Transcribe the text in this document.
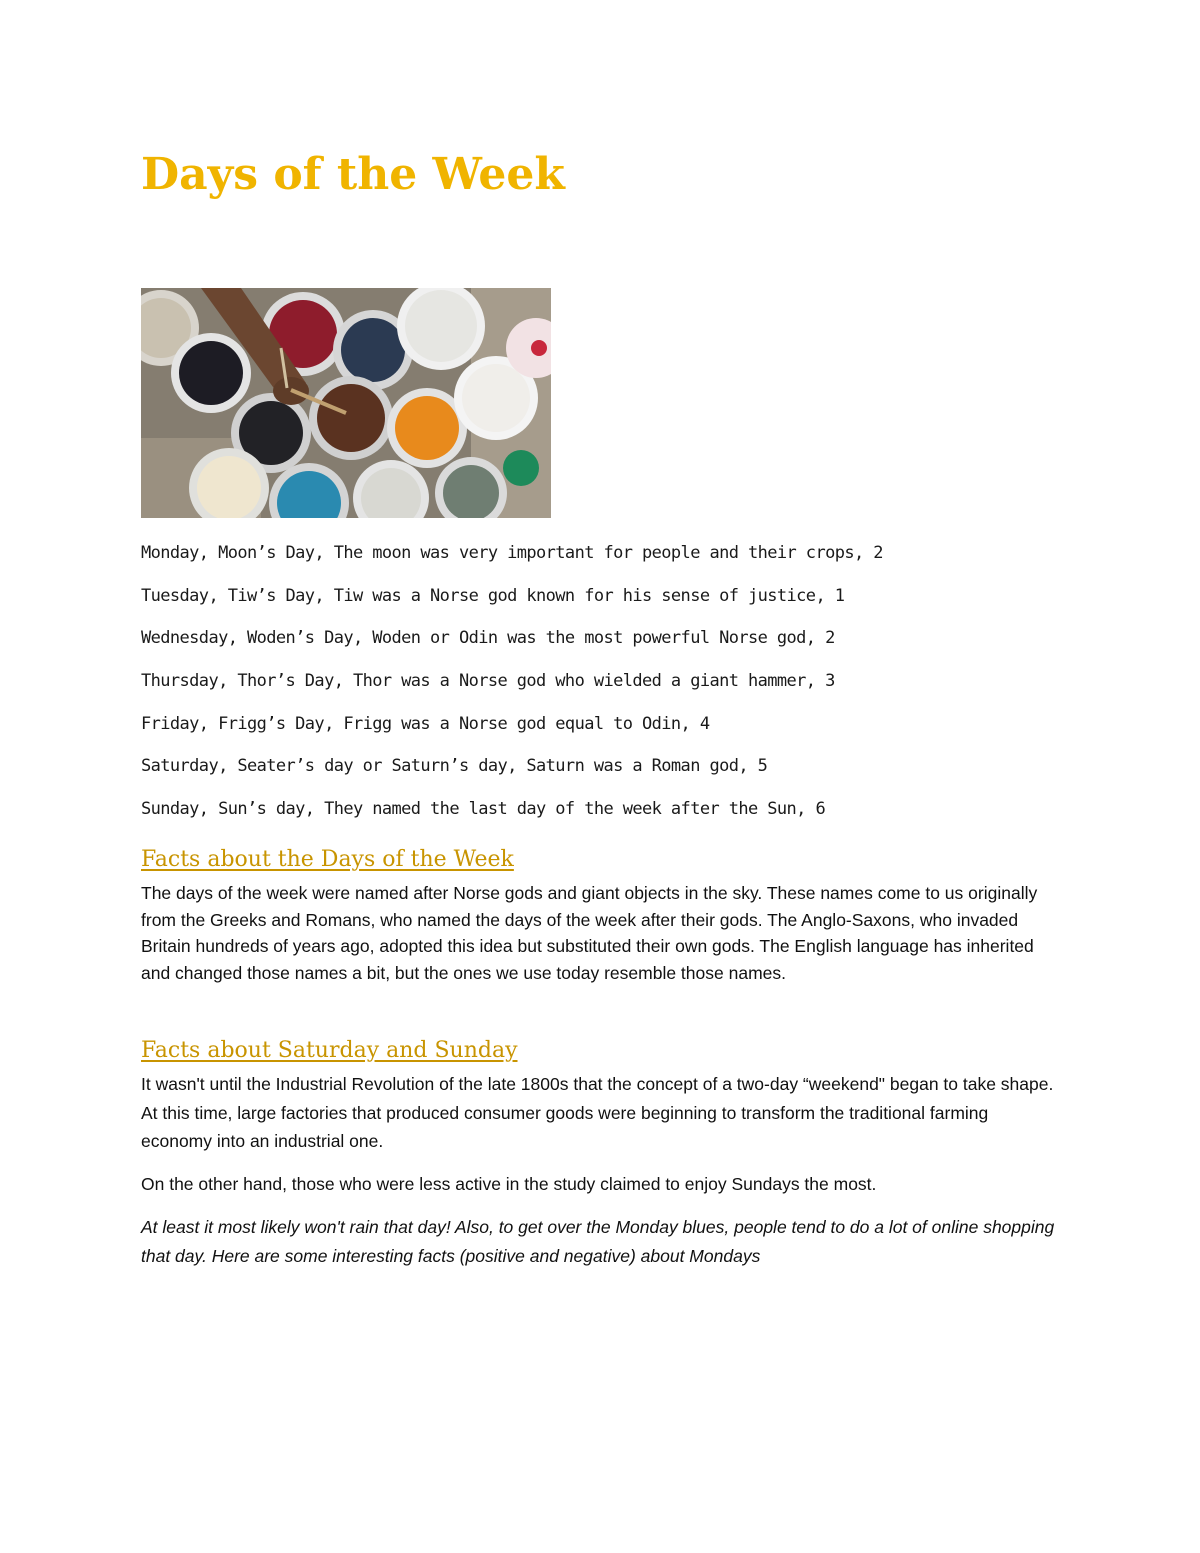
Days of the Week
Monday, Moon’s Day, The moon was very important for people and their crops, 2
Tuesday, Tiw’s Day, Tiw was a Norse god known for his sense of justice, 1
Wednesday, Woden’s Day, Woden or Odin was the most powerful Norse god, 2
Thursday, Thor’s Day, Thor was a Norse god who wielded a giant hammer, 3
Friday, Frigg’s Day, Frigg was a Norse god equal to Odin, 4
Saturday, Seater’s day or Saturn’s day, Saturn was a Roman god, 5
Sunday, Sun’s day, They named the last day of the week after the Sun, 6
Facts about the Days of the Week

The days of the week were named after Norse gods and giant objects in the sky. These names come to us originally from the Greeks and Romans, who named the days of the week after their gods. The Anglo-Saxons, who invaded Britain hundreds of years ago, adopted this idea but substituted their own gods. The English language has inherited and changed those names a bit, but the ones we use today resemble those names.

Facts about Saturday and Sunday

It wasn't until the Industrial Revolution of the late 1800s that the concept of a two-day “weekend" began to take shape. At this time, large factories that produced consumer goods were beginning to transform the traditional farming economy into an industrial one.

On the other hand, those who were less active in the study claimed to enjoy Sundays the most.

At least it most likely won't rain that day! Also, to get over the Monday blues, people tend to do a lot of online shopping that day. Here are some interesting facts (positive and negative) about Mondays
